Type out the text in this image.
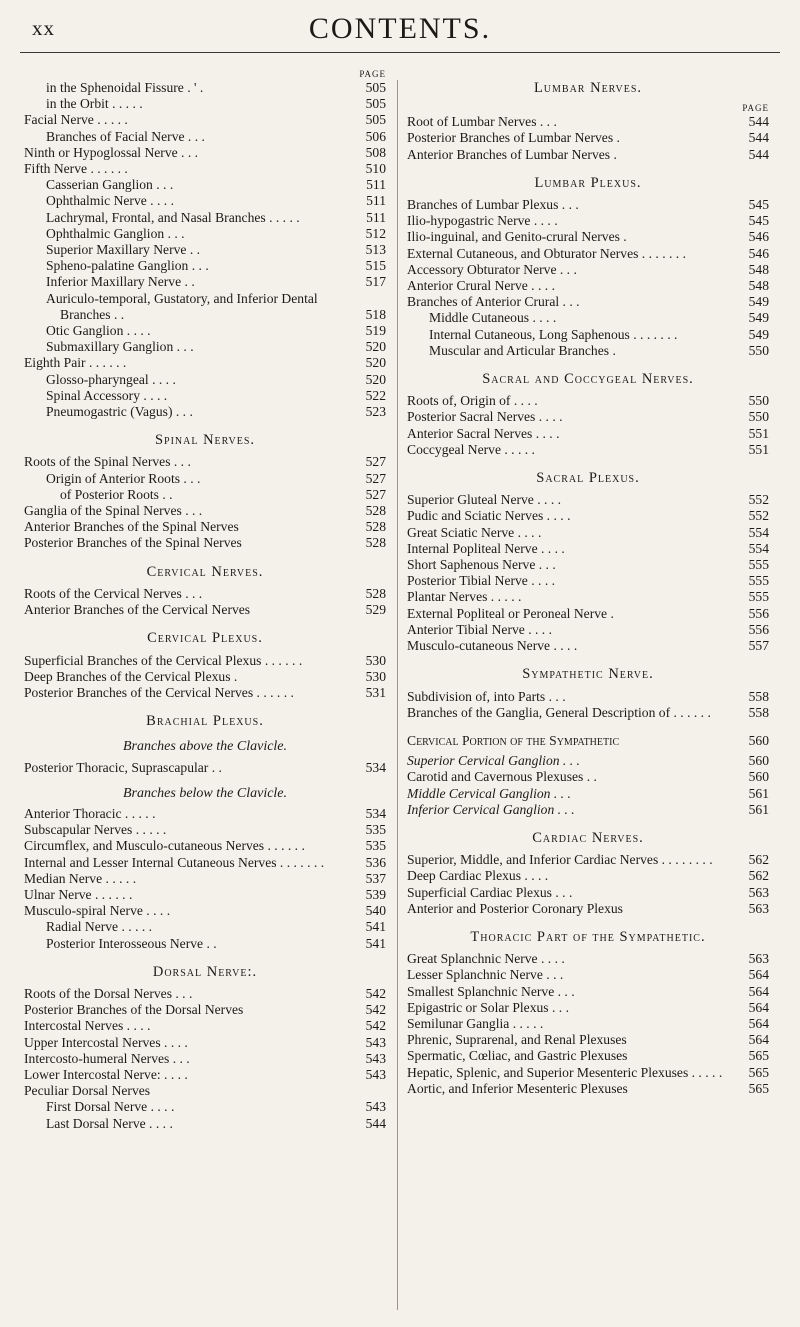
xx	CONTENTS.
PAGE
in the Sphenoidal Fissure . ' .	505
in the Orbit . . . . .	505
Facial Nerve . . . . .	505
Branches of Facial Nerve . . .	506
Ninth or Hypoglossal Nerve . . .	508
Fifth Nerve . . . . . .	510
Casserian Ganglion . . .	511
Ophthalmic Nerve . . . .	511
Lachrymal, Frontal, and Nasal Branches . . . . .	511
Ophthalmic Ganglion . . .	512
Superior Maxillary Nerve . .	513
Spheno-palatine Ganglion . . .	515
Inferior Maxillary Nerve . .	517
Auriculo-temporal, Gustatory, and Inferior Dental Branches . .	518
Otic Ganglion . . . .	519
Submaxillary Ganglion . . .	520
Eighth Pair . . . . . .	520
Glosso-pharyngeal . . . .	520
Spinal Accessory . . . .	522
Pneumogastric (Vagus) . . .	523
Spinal Nerves.
Roots of the Spinal Nerves . . .	527
Origin of Anterior Roots . . .	527
of Posterior Roots . .	527
Ganglia of the Spinal Nerves . . .	528
Anterior Branches of the Spinal Nerves	528
Posterior Branches of the Spinal Nerves	528
Cervical Nerves.
Roots of the Cervical Nerves . . .	528
Anterior Branches of the Cervical Nerves	529
Cervical Plexus.
Superficial Branches of the Cervical Plexus . . . . . .	530
Deep Branches of the Cervical Plexus .	530
Posterior Branches of the Cervical Nerves . . . . . .	531
Brachial Plexus.
Branches above the Clavicle.
Posterior Thoracic, Suprascapular . .	534
Branches below the Clavicle.
Anterior Thoracic . . . . .	534
Subscapular Nerves . . . . .	535
Circumflex, and Musculo-cutaneous Nerves . . . . . .	535
Internal and Lesser Internal Cutaneous Nerves . . . . . . .	536
Median Nerve . . . . .	537
Ulnar Nerve . . . . . .	539
Musculo-spiral Nerve . . . .	540
Radial Nerve . . . . .	541
Posterior Interosseous Nerve . .	541
Dorsal Nerve:.
Roots of the Dorsal Nerves . . .	542
Posterior Branches of the Dorsal Nerves	542
Intercostal Nerves . . . .	542
Upper Intercostal Nerves . . . .	543
Intercosto-humeral Nerves . . .	543
Lower Intercostal Nerve: . . . .	543
Peculiar Dorsal Nerves
First Dorsal Nerve . . . .	543
Last Dorsal Nerve . . . .	544
Lumbar Nerves.
PAGE
Root of Lumbar Nerves . . .	544
Posterior Branches of Lumbar Nerves .	544
Anterior Branches of Lumbar Nerves .	544
Lumbar Plexus.
Branches of Lumbar Plexus . . .	545
Ilio-hypogastric Nerve . . . .	545
Ilio-inguinal, and Genito-crural Nerves .	546
External Cutaneous, and Obturator Nerves . . . . . . .	546
Accessory Obturator Nerve . . .	548
Anterior Crural Nerve . . . .	548
Branches of Anterior Crural . . .	549
Middle Cutaneous . . . .	549
Internal Cutaneous, Long Saphenous . . . . . . .	549
Muscular and Articular Branches .	550
Sacral and Coccygeal Nerves.
Roots of, Origin of . . . .	550
Posterior Sacral Nerves . . . .	550
Anterior Sacral Nerves . . . .	551
Coccygeal Nerve . . . . .	551
Sacral Plexus.
Superior Gluteal Nerve . . . .	552
Pudic and Sciatic Nerves . . . .	552
Great Sciatic Nerve . . . .	554
Internal Popliteal Nerve . . . .	554
Short Saphenous Nerve . . .	555
Posterior Tibial Nerve . . . .	555
Plantar Nerves . . . . .	555
External Popliteal or Peroneal Nerve .	556
Anterior Tibial Nerve . . . .	556
Musculo-cutaneous Nerve . . . .	557
Sympathetic Nerve.
Subdivision of, into Parts . . .	558
Branches of the Ganglia, General Description of . . . . . .	558
Cervical Portion of the Sympathetic	560
Superior Cervical Ganglion . . .	560
Carotid and Cavernous Plexuses . .	560
Middle Cervical Ganglion . . .	561
Inferior Cervical Ganglion . . .	561
Cardiac Nerves.
Superior, Middle, and Inferior Cardiac Nerves . . . . . . . .	562
Deep Cardiac Plexus . . . .	562
Superficial Cardiac Plexus . . .	563
Anterior and Posterior Coronary Plexus	563
Thoracic Part of the Sympathetic.
Great Splanchnic Nerve . . . .	563
Lesser Splanchnic Nerve . . .	564
Smallest Splanchnic Nerve . . .	564
Epigastric or Solar Plexus . . .	564
Semilunar Ganglia . . . . .	564
Phrenic, Suprarenal, and Renal Plexuses	564
Spermatic, Cœliac, and Gastric Plexuses	565
Hepatic, Splenic, and Superior Mesenteric Plexuses . . . . .	565
Aortic, and Inferior Mesenteric Plexuses	565
